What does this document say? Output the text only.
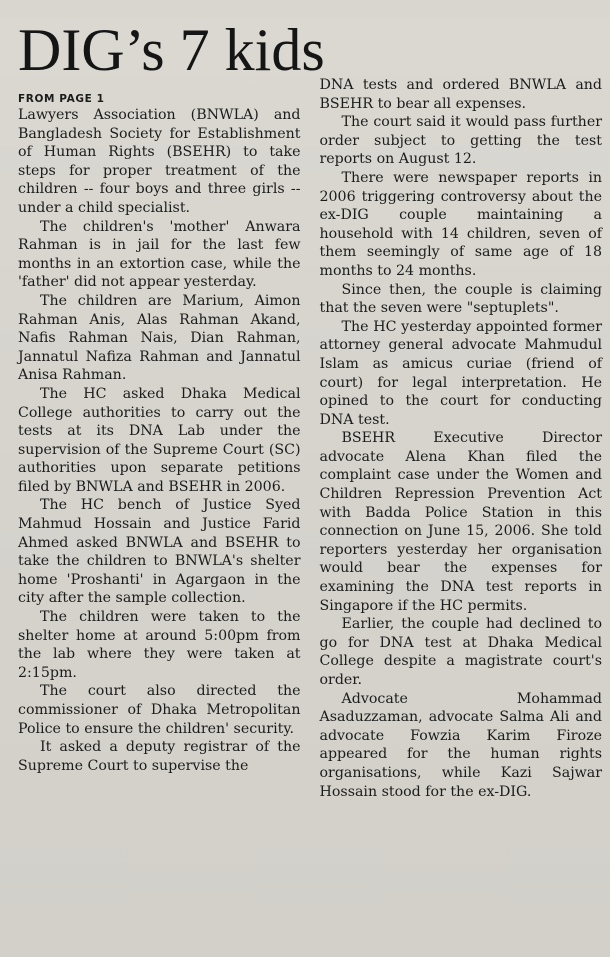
DIG’s 7 kids
FROM PAGE 1

Lawyers Association (BNWLA) and Bangladesh Society for Establishment of Human Rights (BSEHR) to take steps for proper treatment of the children -- four boys and three girls -- under a child specialist.

The children's 'mother' Anwara Rahman is in jail for the last few months in an extortion case, while the 'father' did not appear yesterday.

The children are Marium, Aimon Rahman Anis, Alas Rahman Akand, Nafis Rahman Nais, Dian Rahman, Jannatul Nafiza Rahman and Jannatul Anisa Rahman.

The HC asked Dhaka Medical College authorities to carry out the tests at its DNA Lab under the supervision of the Supreme Court (SC) authorities upon separate petitions filed by BNWLA and BSEHR in 2006.

The HC bench of Justice Syed Mahmud Hossain and Justice Farid Ahmed asked BNWLA and BSEHR to take the children to BNWLA's shelter home 'Proshanti' in Agargaon in the city after the sample collection.

The children were taken to the shelter home at around 5:00pm from the lab where they were taken at 2:15pm.

The court also directed the commissioner of Dhaka Metropolitan Police to ensure the children' security.

It asked a deputy registrar of the Supreme Court to supervise the

DNA tests and ordered BNWLA and BSEHR to bear all expenses.

The court said it would pass further order subject to getting the test reports on August 12.

There were newspaper reports in 2006 triggering controversy about the ex-DIG couple maintaining a household with 14 children, seven of them seemingly of same age of 18 months to 24 months.

Since then, the couple is claiming that the seven were "septuplets".

The HC yesterday appointed former attorney general advocate Mahmudul Islam as amicus curiae (friend of court) for legal interpretation. He opined to the court for conducting DNA test.

BSEHR Executive Director advocate Alena Khan filed the complaint case under the Women and Children Repression Prevention Act with Badda Police Station in this connection on June 15, 2006. She told reporters yesterday her organisation would bear the expenses for examining the DNA test reports in Singapore if the HC permits.

Earlier, the couple had declined to go for DNA test at Dhaka Medical College despite a magistrate court's order.

Advocate Mohammad Asaduzzaman, advocate Salma Ali and advocate Fowzia Karim Firoze appeared for the human rights organisations, while Kazi Sajwar Hossain stood for the ex-DIG.
